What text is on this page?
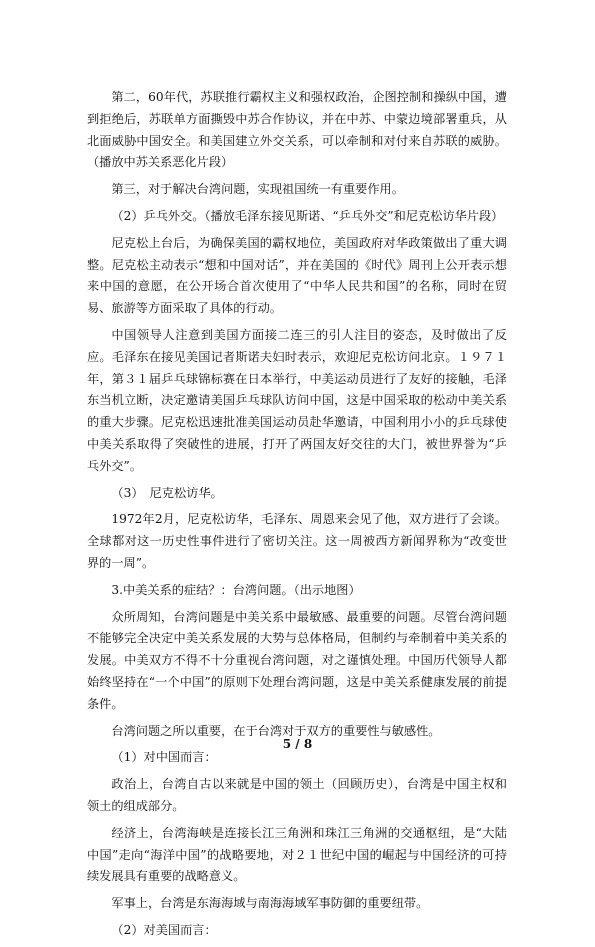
第二，60年代，苏联推行霸权主义和强权政治，企图控制和操纵中国，遭到拒绝后，苏联单方面撕毁中苏合作协议，并在中苏、中蒙边境部署重兵，从北面威胁中国安全。和美国建立外交关系，可以牵制和对付来自苏联的威胁。（播放中苏关系恶化片段）

第三，对于解决台湾问题，实现祖国统一有重要作用。

（2）乒乓外交。（播放毛泽东接见斯诺、“乒乓外交”和尼克松访华片段）

尼克松上台后，为确保美国的霸权地位，美国政府对华政策做出了重大调整。尼克松主动表示“想和中国对话”，并在美国的《时代》周刊上公开表示想来中国的意愿，在公开场合首次使用了“中华人民共和国”的名称，同时在贸易、旅游等方面采取了具体的行动。

中国领导人注意到美国方面接二连三的引人注目的姿态，及时做出了反应。毛泽东在接见美国记者斯诺夫妇时表示，欢迎尼克松访问北京。１９７１年，第３１届乒乓球锦标赛在日本举行，中美运动员进行了友好的接触，毛泽东当机立断，决定邀请美国乒乓球队访问中国，这是中国采取的松动中美关系的重大步骤。尼克松迅速批准美国运动员赴华邀请，中国利用小小的乒乓球使中美关系取得了突破性的进展，打开了两国友好交往的大门，被世界誉为“乒乓外交”。

（3）　尼克松访华。

1972年2月，尼克松访华，毛泽东、周恩来会见了他，双方进行了会谈。全球都对这一历史性事件进行了密切关注。这一周被西方新闻界称为“改变世界的一周”。

3.中美关系的症结？：台湾问题。（出示地图）

众所周知，台湾问题是中美关系中最敏感、最重要的问题。尽管台湾问题不能够完全决定中美关系发展的大势与总体格局，但制约与牵制着中美关系的发展。中美双方不得不十分重视台湾问题，对之谨慎处理。中国历代领导人都始终坚持在“一个中国”的原则下处理台湾问题，这是中美关系健康发展的前提条件。

台湾问题之所以重要，在于台湾对于双方的重要性与敏感性。

（1）对中国而言：

政治上，台湾自古以来就是中国的领土（回顾历史），台湾是中国主权和领土的组成部分。

经济上，台湾海峡是连接长江三角洲和珠江三角洲的交通枢纽，是“大陆中国”走向“海洋中国”的战略要地，对２１世纪中国的崛起与中国经济的可持续发展具有重要的战略意义。

军事上，台湾是东海海域与南海海域军事防御的重要纽带。

（2）对美国而言：

5 / 8
